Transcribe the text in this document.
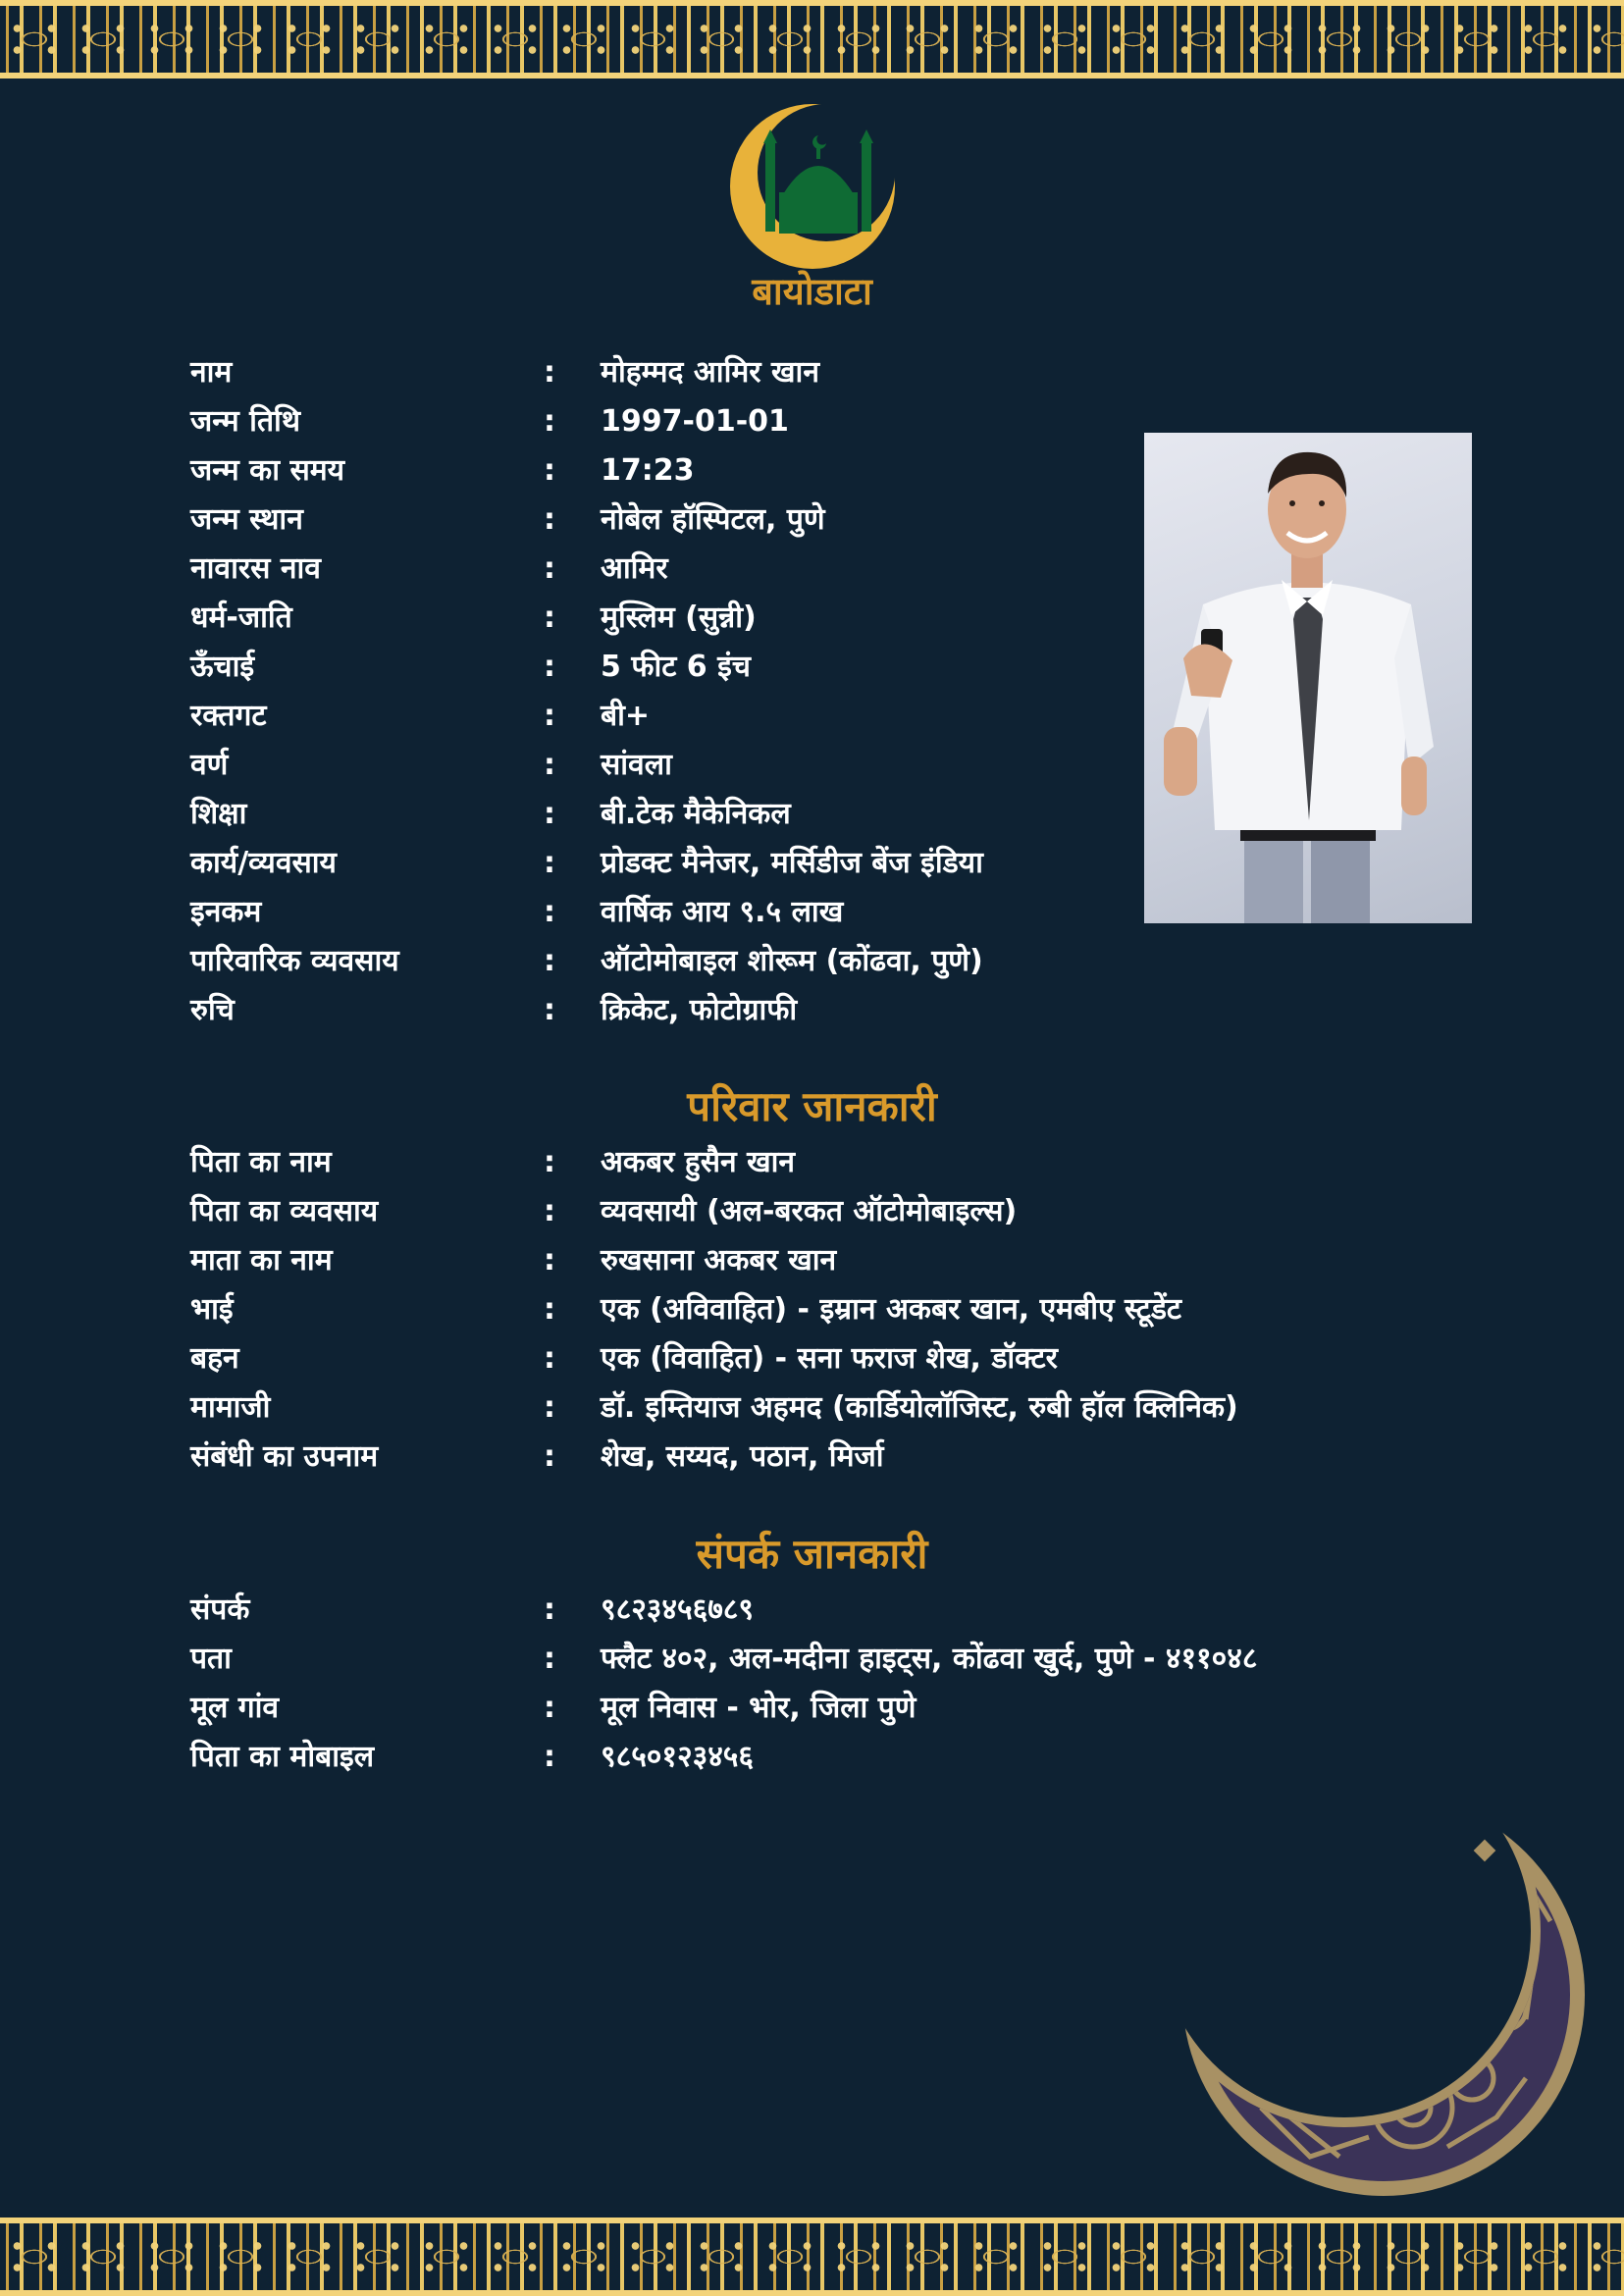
बायोडाटा
नाम	:	मोहम्मद आमिर खान
जन्म तिथि	:	1997-01-01
जन्म का समय	:	17:23
जन्म स्थान	:	नोबेल हॉस्पिटल, पुणे
नावारस नाव	:	आमिर
धर्म-जाति	:	मुस्लिम (सुन्नी)
ऊँचाई	:	5 फीट 6 इंच
रक्तगट	:	बी+
वर्ण	:	सांवला
शिक्षा	:	बी.टेक मैकेनिकल
कार्य/व्यवसाय	:	प्रोडक्ट मैनेजर, मर्सिडीज बेंज इंडिया
इनकम	:	वार्षिक आय ९.५ लाख
पारिवारिक व्यवसाय	:	ऑटोमोबाइल शोरूम (कोंढवा, पुणे)
रुचि	:	क्रिकेट, फोटोग्राफी
परिवार जानकारी
पिता का नाम	:	अकबर हुसैन खान
पिता का व्यवसाय	:	व्यवसायी (अल-बरकत ऑटोमोबाइल्स)
माता का नाम	:	रुखसाना अकबर खान
भाई	:	एक (अविवाहित) - इम्रान अकबर खान, एमबीए स्टूडेंट
बहन	:	एक (विवाहित) - सना फराज शेख, डॉक्टर
मामाजी	:	डॉ. इम्तियाज अहमद (कार्डियोलॉजिस्ट, रुबी हॉल क्लिनिक)
संबंधी का उपनाम	:	शेख, सय्यद, पठान, मिर्जा
संपर्क जानकारी
संपर्क	:	९८२३४५६७८९
पता	:	फ्लैट ४०२, अल-मदीना हाइट्स, कोंढवा खुर्द, पुणे - ४११०४८
मूल गांव	:	मूल निवास - भोर, जिला पुणे
पिता का मोबाइल	:	९८५०१२३४५६
